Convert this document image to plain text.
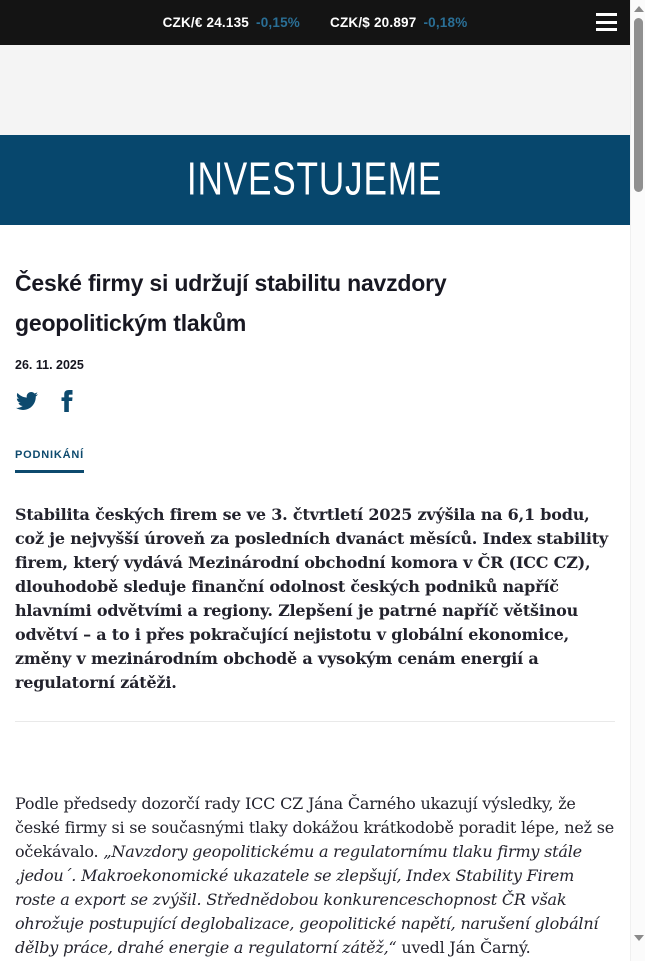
CZK/€ 24.135 -0,15% CZK/$ 20.897 -0,18%
INVESTUJEME
České firmy si udržují stabilitu navzdory geopolitickým tlakům
26. 11. 2025
PODNIKÁNÍ

Stabilita českých firem se ve 3. čtvrtletí 2025 zvýšila na 6,1 bodu, což je nejvyšší úroveň za posledních dvanáct měsíců. Index stability firem, který vydává Mezinárodní obchodní komora v ČR (ICC CZ), dlouhodobě sleduje finanční odolnost českých podniků napříč hlavními odvětvími a regiony. Zlepšení je patrné napříč většinou odvětví – a to i přes pokračující nejistotu v globální ekonomice, změny v mezinárodním obchodě a vysokým cenám energií a regulatorní zátěži.

Podle předsedy dozorčí rady ICC CZ Jána Čarného ukazují výsledky, že české firmy si se současnými tlaky dokážou krátkodobě poradit lépe, než se očekávalo. „Navzdory geopolitickému a regulatornímu tlaku firmy stále ‚jedou´. Makroekonomické ukazatele se zlepšují, Index Stability Firem roste a export se zvýšil. Střednědobou konkurenceschopnost ČR však ohrožuje postupující deglobalizace, geopolitické napětí, narušení globální dělby práce, drahé energie a regulatorní zátěž,“ uvedl Ján Čarný.
